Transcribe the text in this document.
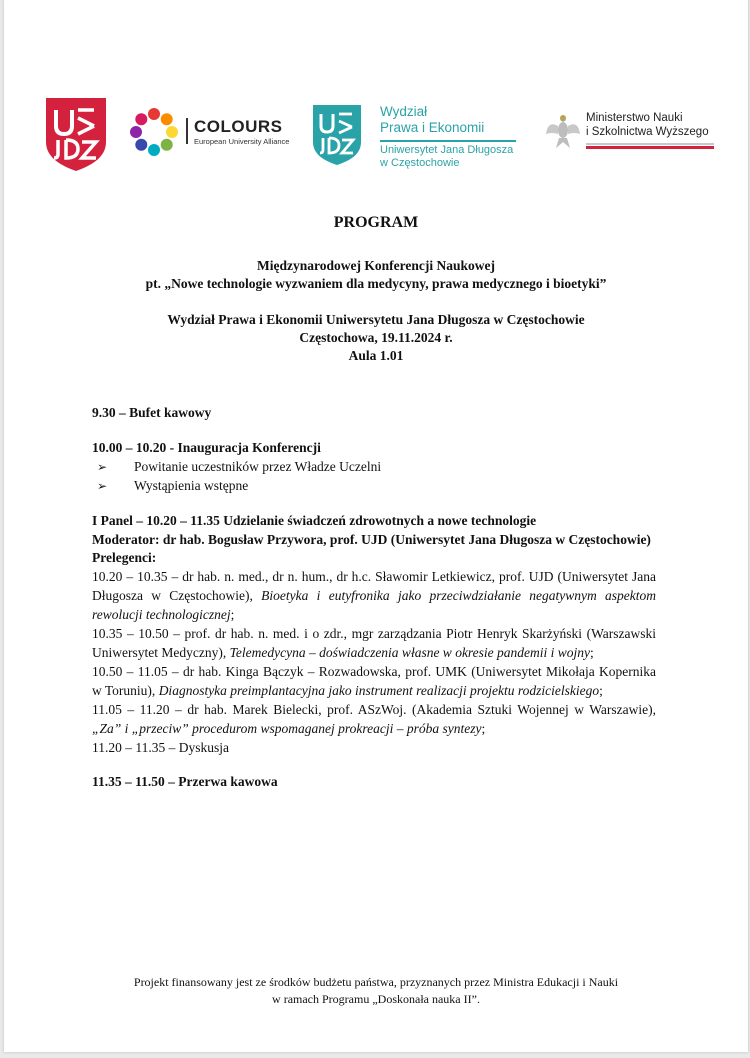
COLOURS
European University Alliance
Wydział
Prawa i Ekonomii
Uniwersytet Jana Długosza
w Częstochowie
Ministerstwo Nauki
i Szkolnictwa Wyższego
PROGRAM
Międzynarodowej Konferencji Naukowej
pt. „Nowe technologie wyzwaniem dla medycyny, prawa medycznego i bioetyki”
Wydział Prawa i Ekonomii Uniwersytetu Jana Długosza w Częstochowie
Częstochowa, 19.11.2024 r.
Aula 1.01

9.30 – Bufet kawowy

10.00 – 10.20 - Inauguracja Konferencji

➢ Powitanie uczestników przez Władze Uczelni
➢ Wystąpienia wstępne

I Panel – 10.20 – 11.35 Udzielanie świadczeń zdrowotnych a nowe technologie

Moderator: dr hab. Bogusław Przywora, prof. UJD (Uniwersytet Jana Długosza w Częstochowie)

Prelegenci:

10.20 – 10.35 – dr hab. n. med., dr n. hum., dr h.c. Sławomir Letkiewicz, prof. UJD (Uniwersytet Jana Długosza w Częstochowie), Bioetyka i eutyfronika jako przeciwdziałanie negatywnym aspektom rewolucji technologicznej;

10.35 – 10.50 – prof. dr hab. n. med. i o zdr., mgr zarządzania Piotr Henryk Skarżyński (Warszawski Uniwersytet Medyczny), Telemedycyna – doświadczenia własne w okresie pandemii i wojny;

10.50 – 11.05 – dr hab. Kinga Bączyk – Rozwadowska, prof. UMK (Uniwersytet Mikołaja Kopernika w Toruniu), Diagnostyka preimplantacyjna jako instrument realizacji projektu rodzicielskiego;

11.05 – 11.20 – dr hab. Marek Bielecki, prof. ASzWoj. (Akademia Sztuki Wojennej w Warszawie), „Za” i „przeciw” procedurom wspomaganej prokreacji – próba syntezy;

11.20 – 11.35 – Dyskusja

11.35 – 11.50 – Przerwa kawowa

Projekt finansowany jest ze środków budżetu państwa, przyznanych przez Ministra Edukacji i Nauki
w ramach Programu „Doskonała nauka II”.
